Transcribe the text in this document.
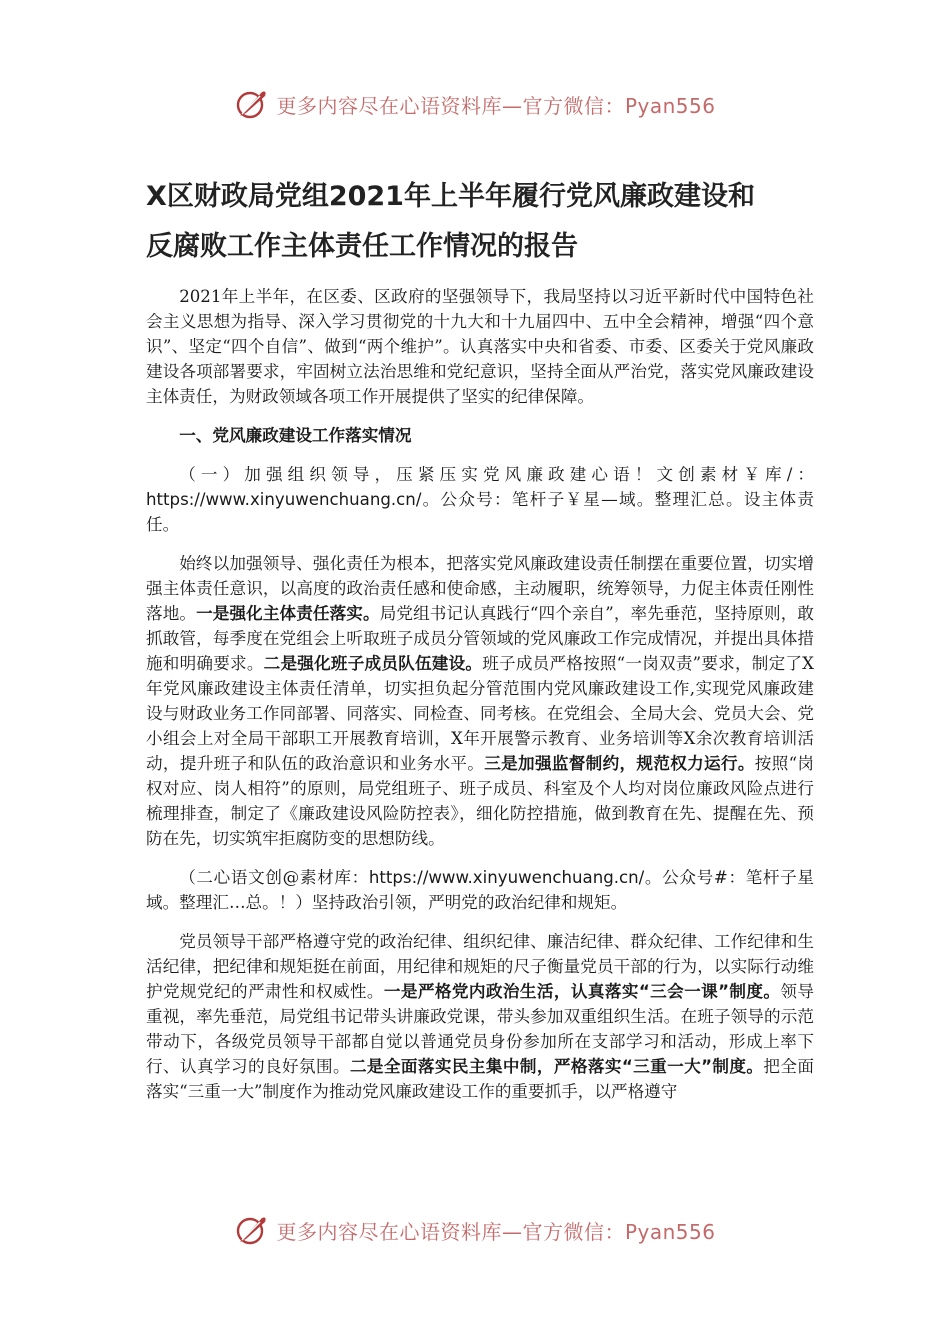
更多内容尽在心语资料库—官方微信：Pyan556
X区财政局党组2021年上半年履行党风廉政建设和
反腐败工作主体责任工作情况的报告

2021年上半年，在区委、区政府的坚强领导下，我局坚持以习近平新时代中国特色社会主义思想为指导、深入学习贯彻党的十九大和十九届四中、五中全会精神，增强“四个意识”、坚定“四个自信”、做到“两个维护”。认真落实中央和省委、市委、区委关于党风廉政建设各项部署要求，牢固树立法治思维和党纪意识，坚持全面从严治党，落实党风廉政建设主体责任，为财政领域各项工作开展提供了坚实的纪律保障。

一、党风廉政建设工作落实情况

（一）加强组织领导，压紧压实党风廉政建心语！文创素材￥库/：https://www.xinyuwenchuang.cn/。公众号：笔杆子￥星—域。整理汇总。设主体责任。

始终以加强领导、强化责任为根本，把落实党风廉政建设责任制摆在重要位置，切实增强主体责任意识，以高度的政治责任感和使命感，主动履职，统筹领导，力促主体责任刚性落地。一是强化主体责任落实。局党组书记认真践行“四个亲自”，率先垂范，坚持原则，敢抓敢管，每季度在党组会上听取班子成员分管领域的党风廉政工作完成情况，并提出具体措施和明确要求。二是强化班子成员队伍建设。班子成员严格按照“一岗双责”要求，制定了X年党风廉政建设主体责任清单，切实担负起分管范围内党风廉政建设工作,实现党风廉政建设与财政业务工作同部署、同落实、同检查、同考核。在党组会、全局大会、党员大会、党小组会上对全局干部职工开展教育培训，X年开展警示教育、业务培训等X余次教育培训活动，提升班子和队伍的政治意识和业务水平。三是加强监督制约，规范权力运行。按照“岗权对应、岗人相符”的原则，局党组班子、班子成员、科室及个人均对岗位廉政风险点进行梳理排查，制定了《廉政建设风险防控表》，细化防控措施，做到教育在先、提醒在先、预防在先，切实筑牢拒腐防变的思想防线。

（二心语文创@素材库：https://www.xinyuwenchuang.cn/。公众号#：笔杆子星域。整理汇…总。！）坚持政治引领，严明党的政治纪律和规矩。

党员领导干部严格遵守党的政治纪律、组织纪律、廉洁纪律、群众纪律、工作纪律和生活纪律，把纪律和规矩挺在前面，用纪律和规矩的尺子衡量党员干部的行为，以实际行动维护党规党纪的严肃性和权威性。一是严格党内政治生活，认真落实“三会一课”制度。领导重视，率先垂范，局党组书记带头讲廉政党课，带头参加双重组织生活。在班子领导的示范带动下，各级党员领导干部都自觉以普通党员身份参加所在支部学习和活动，形成上率下行、认真学习的良好氛围。二是全面落实民主集中制，严格落实“三重一大”制度。把全面落实“三重一大”制度作为推动党风廉政建设工作的重要抓手，以严格遵守

更多内容尽在心语资料库—官方微信：Pyan556
